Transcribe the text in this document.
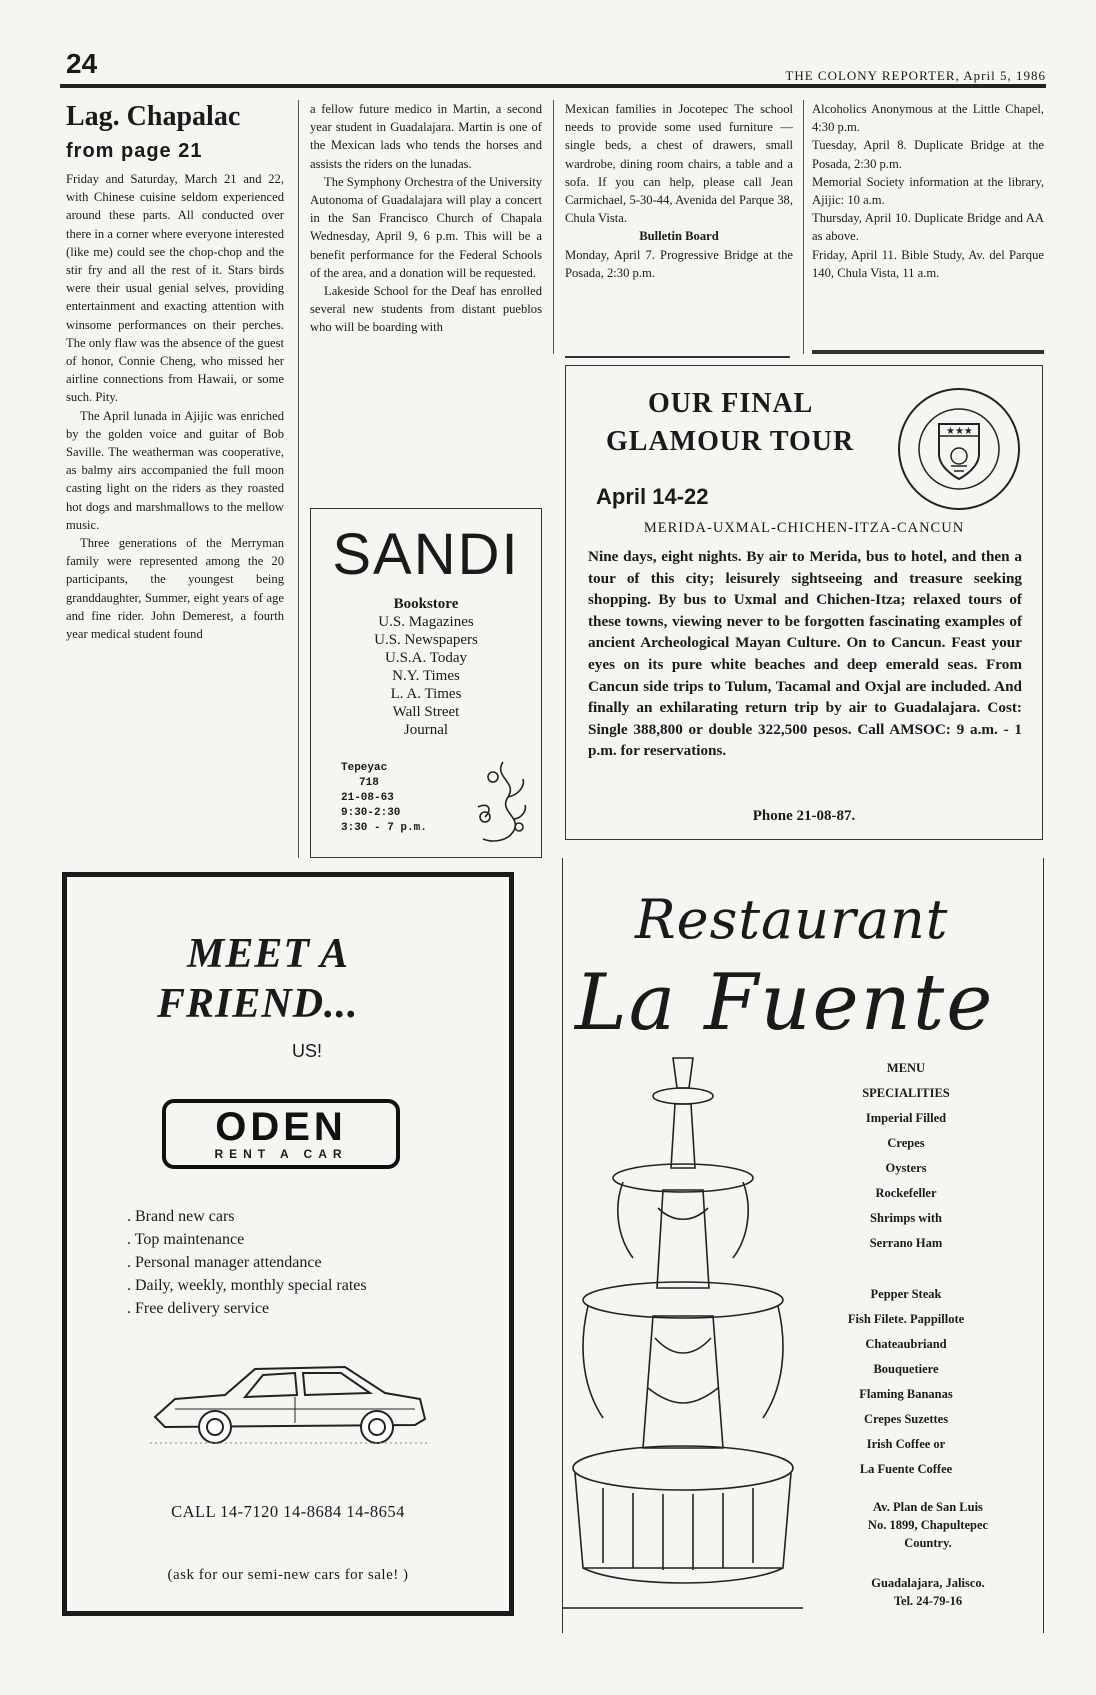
24	THE COLONY REPORTER, April 5, 1986
Lag. Chapalac
from page 21

Friday and Saturday, March 21 and 22, with Chinese cuisine seldom experienced around these parts. All conducted over there in a corner where everyone interested (like me) could see the chop-chop and the stir fry and all the rest of it. Stars birds were their usual genial selves, providing entertainment and exacting attention with winsome performances on their perches. The only flaw was the absence of the guest of honor, Connie Cheng, who missed her airline connections from Hawaii, or some such. Pity.

The April lunada in Ajijic was enriched by the golden voice and guitar of Bob Saville. The weatherman was cooperative, as balmy airs accompanied the full moon casting light on the riders as they roasted hot dogs and marshmallows to the mellow music.

Three generations of the Merryman family were represented among the 20 participants, the youngest being granddaughter, Summer, eight years of age and fine rider. John Demerest, a fourth year medical student found

a fellow future medico in Martin, a second year student in Guadalajara. Martin is one of the Mexican lads who tends the horses and assists the riders on the lunadas.

The Symphony Orchestra of the University Autonoma of Guadalajara will play a concert in the San Francisco Church of Chapala Wednesday, April 9, 6 p.m. This will be a benefit performance for the Federal Schools of the area, and a donation will be requested.

Lakeside School for the Deaf has enrolled several new students from distant pueblos who will be boarding with

Mexican families in Jocotepec The school needs to provide some used furniture — single beds, a chest of drawers, small wardrobe, dining room chairs, a table and a sofa. If you can help, please call Jean Carmichael, 5-30-44, Avenida del Parque 38, Chula Vista.

Bulletin Board

Monday, April 7. Progressive Bridge at the Posada, 2:30 p.m.

Alcoholics Anonymous at the Little Chapel, 4:30 p.m.

Tuesday, April 8. Duplicate Bridge at the Posada, 2:30 p.m.

Memorial Society information at the library, Ajijic: 10 a.m.

Thursday, April 10. Duplicate Bridge and AA as above.

Friday, April 11. Bible Study, Av. del Parque 140, Chula Vista, 11 a.m.

SANDI
Bookstore
U.S. Magazines
U.S. Newspapers
U.S.A. Today
N.Y. Times
L. A. Times
Wall Street
Journal
Tepeyac
718
21-08-63
9:30-2:30
3:30 - 7 p.m.
OUR FINAL
GLAMOUR TOUR
April 14-22
MERIDA-UXMAL-CHICHEN-ITZA-CANCUN
Nine days, eight nights. By air to Merida, bus to hotel, and then a tour of this city; leisurely sightseeing and treasure seeking shopping. By bus to Uxmal and Chichen-Itza; relaxed tours of these towns, viewing never to be forgotten fascinating examples of ancient Archeological Mayan Culture. On to Cancun. Feast your eyes on its pure white beaches and deep emerald seas. From Cancun side trips to Tulum, Tacamal and Oxjal are included. And finally an exhilarating return trip by air to Guadalajara. Cost: Single 388,800 or double 322,500 pesos. Call AMSOC: 9 a.m. - 1 p.m. for reservations.
Phone 21-08-87.
★★★
MEET A
FRIEND...
US!
ODEN
RENT A CAR
. Brand new cars
. Top maintenance
. Personal manager attendance
. Daily, weekly, monthly special rates
. Free delivery service
CALL 14-7120 14-8684 14-8654
(ask for our semi-new cars for sale! )
Restaurant
La Fuente
MENU
SPECIALITIES
Imperial Filled
Crepes
Oysters
Rockefeller
Shrimps with
Serrano Ham
Pepper Steak
Fish Filete. Pappillote
Chateaubriand
Bouquetiere
Flaming Bananas
Crepes Suzettes
Irish Coffee or
La Fuente Coffee
Av. Plan de San Luis
No. 1899, Chapultepec
Country.
Guadalajara, Jalisco.
Tel. 24-79-16
